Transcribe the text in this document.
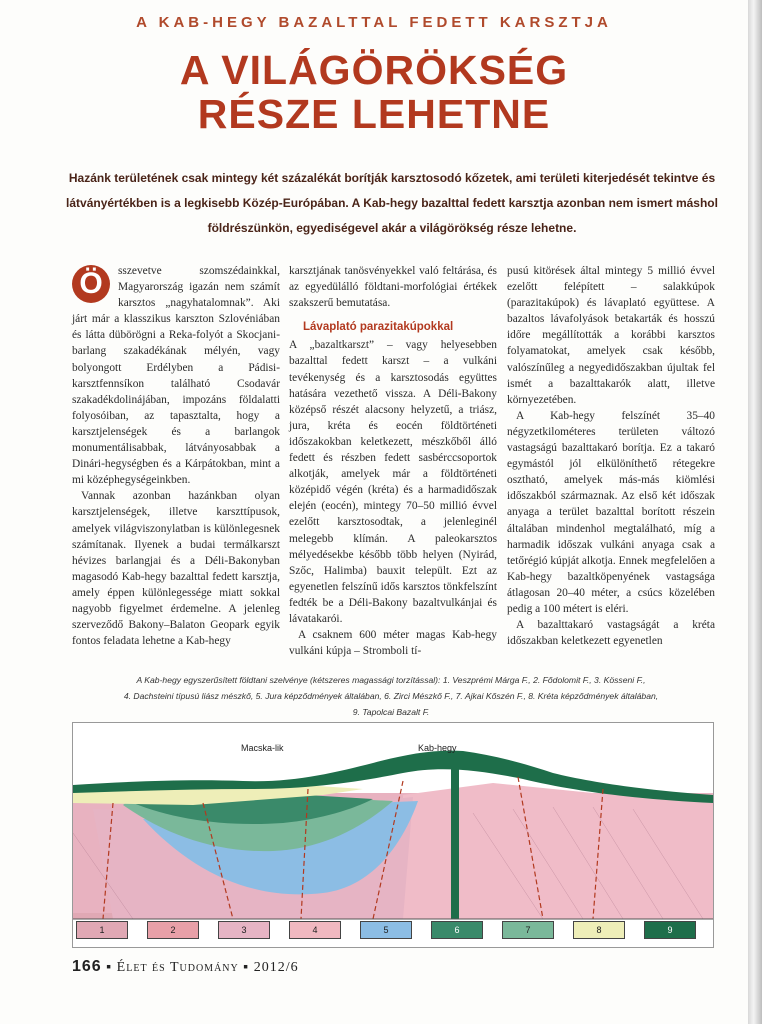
A KAB-HEGY BAZALTTAL FEDETT KARSZTJA
A VILÁGÖRÖKSÉG
RÉSZE LEHETNE
Hazánk területének csak mintegy két százalékát borítják karsztosodó kőzetek, ami területi kiterjedését tekintve és látványértékben is a legkisebb Közép-Európában. A Kab-hegy bazalttal fedett karsztja azonban nem ismert máshol földrészünkön, egyediségevel akár a világörökség része lehetne.

Ö	sszevetve szomszédainkkal, Magyarország igazán nem számít karsztos „nagyhatalomnak”. Aki járt már a klasszikus karszton Szlovéniában és látta dübörögni a Reka-folyót a Skocjani-barlang szakadékának mélyén, vagy bolyongott Erdélyben a Pádisi-karsztfennsíkon található Csodavár szakadékdolinájában, impozáns földalatti folyosóiban, az tapasztalta, hogy a karsztjelenségek és a barlangok monumentálisabbak, látványosabbak a Dinári-hegységben és a Kárpátokban, mint a mi középhegységeinkben.

Vannak azonban hazánkban olyan karsztjelenségek, illetve karszttípusok, amelyek világviszonylatban is különlegesnek számítanak. Ilyenek a budai termálkarszt hévizes barlangjai és a Déli-Bakonyban magasodó Kab-hegy bazalttal fedett karsztja, amely éppen különlegessége miatt sokkal nagyobb figyelmet érdemelne. A jelenleg szerveződő Bakony–Balaton Geopark egyik fontos feladata lehetne a Kab-hegy

karsztjának tanösvényekkel való feltárása, és az egyedülálló földtani-morfológiai értékek szakszerű bemutatása.

Lávaplató parazitakúpokkal

A „bazaltkarszt” – vagy helyesebben bazalttal fedett karszt – a vulkáni tevékenység és a karsztosodás együttes hatására vezethető vissza. A Déli-Bakony középső részét alacsony helyzetű, a triász, jura, kréta és eocén földtörténeti időszakokban keletkezett, mészkőből álló fedett és részben fedett sasbérccsoportok alkotják, amelyek már a földtörténeti középidő végén (kréta) és a harmadidőszak elején (eocén), mintegy 70–50 millió évvel ezelőtt karsztosodtak, a jelenleginél melegebb klímán. A paleokarsztos mélyedésekbe később több helyen (Nyirád, Szőc, Halimba) bauxit települt. Ezt az egyenetlen felszínű idős karsztos tönkfelszínt fedték be a Déli-Bakony bazaltvulkánjai és lávatakarói.

A csaknem 600 méter magas Kab-hegy vulkáni kúpja – Stromboli tí-

pusú kitörések által mintegy 5 millió évvel ezelőtt felépített – salakkúpok (parazitakúpok) és lávaplató együttese. A bazaltos lávafolyások betakarták és hosszú időre megállították a korábbi karsztos folyamatokat, amelyek csak később, valószínűleg a negyedidőszakban újultak fel ismét a bazalttakarók alatt, illetve környezetében.

A Kab-hegy felszínét 35–40 négyzetkilométeres területen változó vastagságú bazalttakaró borítja. Ez a takaró egymástól jól elkülöníthető rétegekre osztható, amelyek más-más kiömlési időszakból származnak. Az első két időszak anyaga a terület bazalttal borított részein általában mindenhol megtalálható, míg a harmadik időszak vulkáni anyaga csak a tetőrégió kúpját alkotja. Ennek megfelelően a Kab-hegy bazaltköpenyének vastagsága átlagosan 20–40 méter, a csúcs közelében pedig a 100 métert is eléri.

A bazalttakaró vastagságát a kréta időszakban keletkezett egyenetlen

A Kab-hegy egyszerűsített földtani szelvénye (kétszeres magassági torzítással): 1. Veszprémi Márga F., 2. Fődolomit F., 3. Kösseni F.,
4. Dachsteini típusú liász mészkő, 5. Jura képződmények általában, 6. Zirci Mészkő F., 7. Ajkai Kőszén F., 8. Kréta képződmények általában,
9. Tapolcai Bazalt F.
Macska-lik	Kab-hegy
1	2	3	4	5	6	7	8	9
166 ▪ Élet és Tudomány ▪ 2012/6
